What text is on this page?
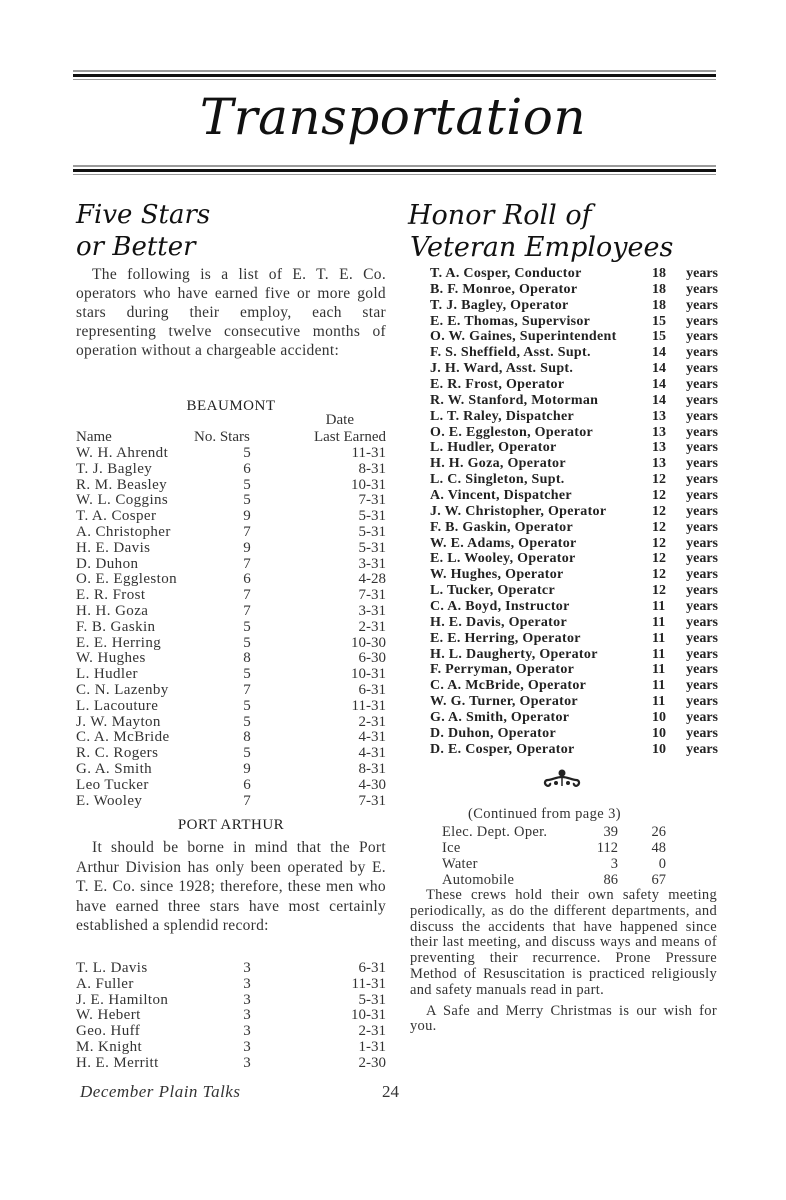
Transportation
Five Stars
or Better

The following is a list of E. T. E. Co. operators who have earned five or more gold stars during their employ, each star representing twelve consecutive months of operation without a chargeable accident:

BEAUMONT
Date
Name	No. Stars	Last Earned
W. H. Ahrendt	5	11-31
T. J. Bagley	6	8-31
R. M. Beasley	5	10-31
W. L. Coggins	5	7-31
T. A. Cosper	9	5-31
A. Christopher	7	5-31
H. E. Davis	9	5-31
D. Duhon	7	3-31
O. E. Eggleston	6	4-28
E. R. Frost	7	7-31
H. H. Goza	7	3-31
F. B. Gaskin	5	2-31
E. E. Herring	5	10-30
W. Hughes	8	6-30
L. Hudler	5	10-31
C. N. Lazenby	7	6-31
L. Lacouture	5	11-31
J. W. Mayton	5	2-31
C. A. McBride	8	4-31
R. C. Rogers	5	4-31
G. A. Smith	9	8-31
Leo Tucker	6	4-30
E. Wooley	7	7-31
PORT ARTHUR

It should be borne in mind that the Port Arthur Division has only been operated by E. T. E. Co. since 1928; therefore, these men who have earned three stars have most certainly established a splendid record:

T. L. Davis	3	6-31
A. Fuller	3	11-31
J. E. Hamilton	3	5-31
W. Hebert	3	10-31
Geo. Huff	3	2-31
M. Knight	3	1-31
H. E. Merritt	3	2-30
Honor Roll of
Veteran Employees
T. A. Cosper, Conductor	18	years
B. F. Monroe, Operator	18	years
T. J. Bagley, Operator	18	years
E. E. Thomas, Supervisor	15	years
O. W. Gaines, Superintendent	15	years
F. S. Sheffield, Asst. Supt.	14	years
J. H. Ward, Asst. Supt.	14	years
E. R. Frost, Operator	14	years
R. W. Stanford, Motorman	14	years
L. T. Raley, Dispatcher	13	years
O. E. Eggleston, Operator	13	years
L. Hudler, Operator	13	years
H. H. Goza, Operator	13	years
L. C. Singleton, Supt.	12	years
A. Vincent, Dispatcher	12	years
J. W. Christopher, Operator	12	years
F. B. Gaskin, Operator	12	years
W. E. Adams, Operator	12	years
E. L. Wooley, Operator	12	years
W. Hughes, Operator	12	years
L. Tucker, Operatcr	12	years
C. A. Boyd, Instructor	11	years
H. E. Davis, Operator	11	years
E. E. Herring, Operator	11	years
H. L. Daugherty, Operator	11	years
F. Perryman, Operator	11	years
C. A. McBride, Operator	11	years
W. G. Turner, Operator	11	years
G. A. Smith, Operator	10	years
D. Duhon, Operator	10	years
D. E. Cosper, Operator	10	years
(Continued from page 3)
Elec. Dept. Oper.	39	26
Ice	112	48
Water	3	0
Automobile	86	67

These crews hold their own safety meeting periodically, as do the different departments, and discuss the accidents that have happened since their last meeting, and discuss ways and means of preventing their recurrence. Prone Pressure Method of Resuscitation is practiced religiously and safety manuals read in part.

A Safe and Merry Christmas is our wish for you.

December Plain Talks	24
